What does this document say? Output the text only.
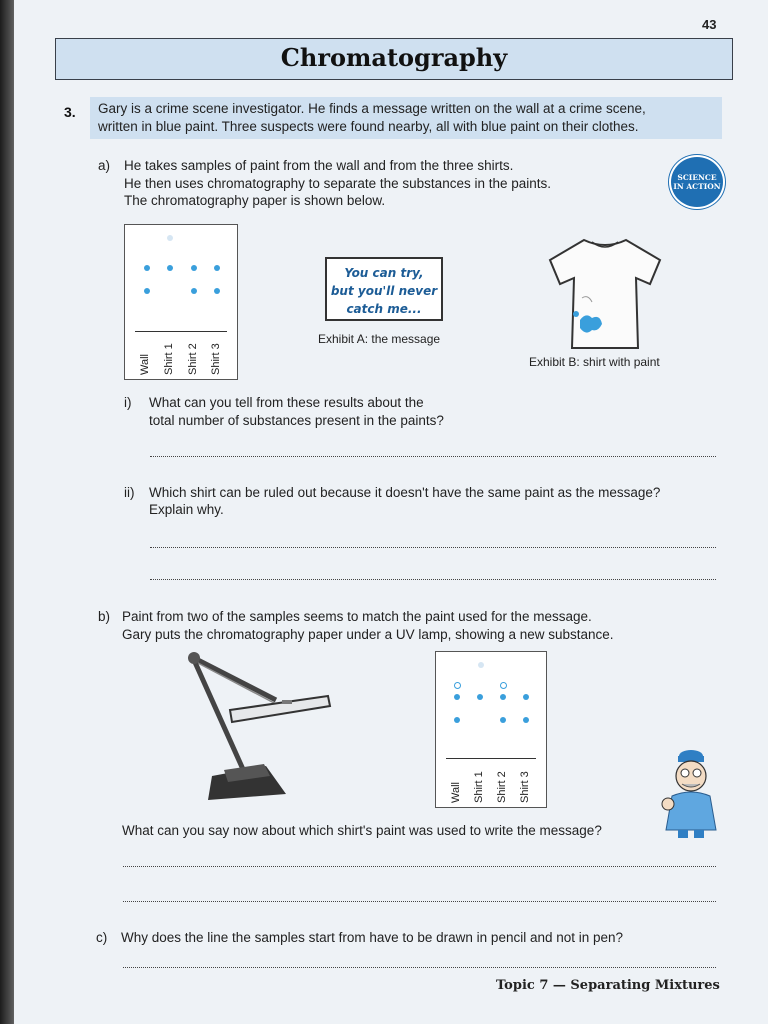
43
Chromatography
3. Gary is a crime scene investigator. He finds a message written on the wall at a crime scene,
written in blue paint. Three suspects were found nearby, all with blue paint on their clothes.
a) He takes samples of paint from the wall and from the three shirts.
He then uses chromatography to separate the substances in the paints.
The chromatography paper is shown below.
SCIENCE
IN ACTION
Wall Shirt 1 Shirt 2 Shirt 3
You can try,
but you'll never
catch me...
Exhibit A: the message
Exhibit B: shirt with paint
i) What can you tell from these results about the
total number of substances present in the paints?
ii) Which shirt can be ruled out because it doesn't have the same paint as the message?
Explain why.
b) Paint from two of the samples seems to match the paint used for the message.
Gary puts the chromatography paper under a UV lamp, showing a new substance.
Wall Shirt 1 Shirt 2 Shirt 3
What can you say now about which shirt's paint was used to write the message?
c) Why does the line the samples start from have to be drawn in pencil and not in pen?
Topic 7 — Separating Mixtures
